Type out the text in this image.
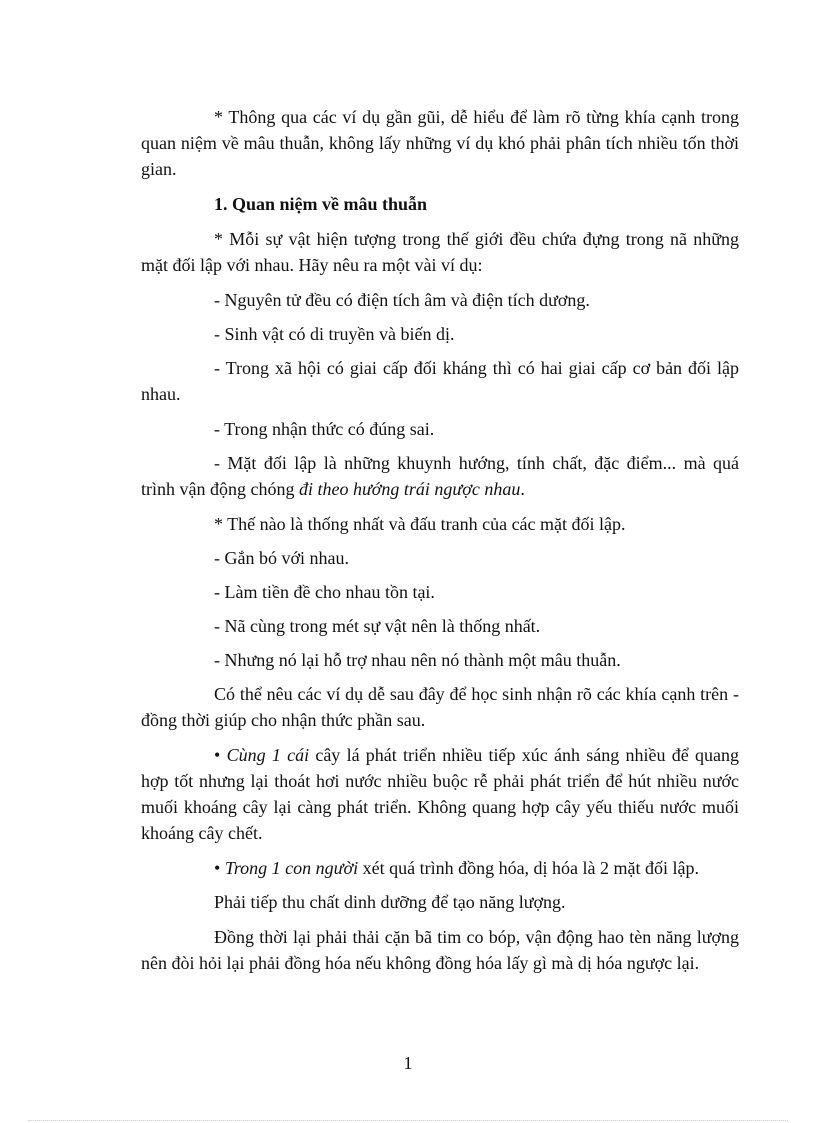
* Thông qua các ví dụ gần gũi, dễ hiểu để làm rõ từng khía cạnh trong quan niệm về mâu thuẫn, không lấy những ví dụ khó phải phân tích nhiều tốn thời gian.

1. Quan niệm về mâu thuẫn

* Mỗi sự vật hiện tượng trong thế giới đều chứa đựng trong nã những mặt đối lập với nhau. Hãy nêu ra một vài ví dụ:

- Nguyên tử đều có điện tích âm và điện tích dương.

- Sinh vật có di truyền và biến dị.

- Trong xã hội có giai cấp đối kháng thì có hai giai cấp cơ bản đối lập nhau.

- Trong nhận thức có đúng sai.

- Mặt đối lập là những khuynh hướng, tính chất, đặc điểm... mà quá trình vận động chóng đi theo hướng trái ngược nhau.

* Thế nào là thống nhất và đấu tranh của các mặt đối lập.

- Gắn bó với nhau.

- Làm tiền đề cho nhau tồn tại.

- Nã cùng trong mét sự vật nên là thống nhất.

- Nhưng nó lại hỗ trợ nhau nên nó thành một mâu thuẫn.

Có thể nêu các ví dụ dễ sau đây để học sinh nhận rõ các khía cạnh trên - đồng thời giúp cho nhận thức phần sau.

• Cùng 1 cái cây lá phát triển nhiều tiếp xúc ánh sáng nhiều để quang hợp tốt nhưng lại thoát hơi nước nhiều buộc rễ phải phát triển để hút nhiều nước muối khoáng cây lại càng phát triển. Không quang hợp cây yếu thiếu nước muối khoáng cây chết.

• Trong 1 con người xét quá trình đồng hóa, dị hóa là 2 mặt đối lập.

Phải tiếp thu chất dinh dưỡng để tạo năng lượng.

Đồng thời lại phải thải cặn bã tim co bóp, vận động hao tèn năng lượng nên đòi hỏi lại phải đồng hóa nếu không đồng hóa lấy gì mà dị hóa ngược lại.

1
